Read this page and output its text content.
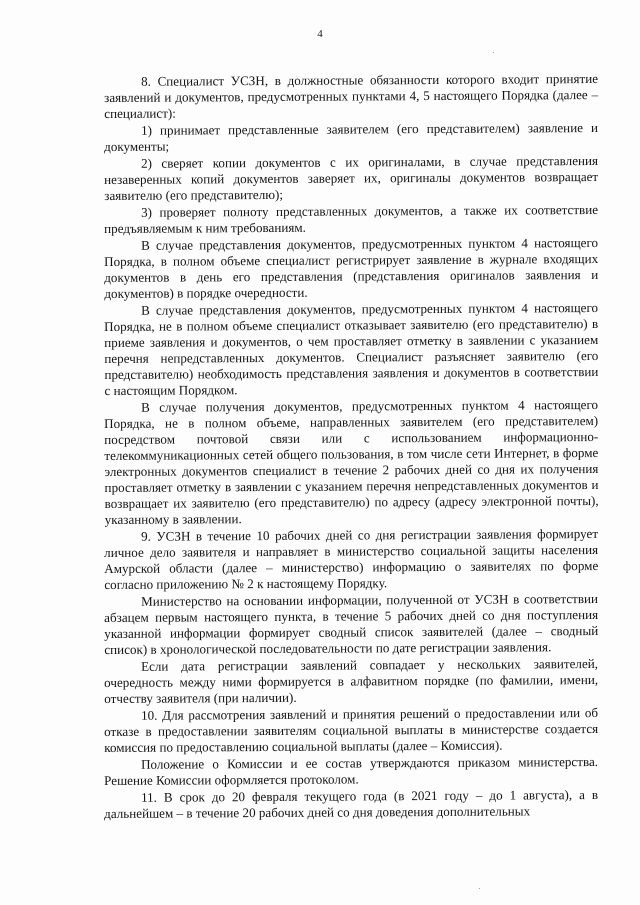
4

8. Специалист УСЗН, в должностные обязанности которого входит принятие заявлений и документов, предусмотренных пунктами 4, 5 настоящего Порядка (далее – специалист):

1) принимает представленные заявителем (его представителем) заявление и документы;

2) сверяет копии документов с их оригиналами, в случае представления незаверенных копий документов заверяет их, оригиналы документов возвращает заявителю (его представителю);

3) проверяет полноту представленных документов, а также их соответствие предъявляемым к ним требованиям.

В случае представления документов, предусмотренных пунктом 4 настоящего Порядка, в полном объеме специалист регистрирует заявление в журнале входящих документов в день его представления (представления оригиналов заявления и документов) в порядке очередности.

В случае представления документов, предусмотренных пунктом 4 настоящего Порядка, не в полном объеме специалист отказывает заявителю (его представителю) в приеме заявления и документов, о чем проставляет отметку в заявлении с указанием перечня непредставленных документов. Специалист разъясняет заявителю (его представителю) необходимость представления заявления и документов в соответствии с настоящим Порядком.

В случае получения документов, предусмотренных пунктом 4 настоящего Порядка, не в полном объеме, направленных заявителем (его представителем) посредством почтовой связи или с использованием информационно-телекоммуникационных сетей общего пользования, в том числе сети Интернет, в форме электронных документов специалист в течение 2 рабочих дней со дня их получения проставляет отметку в заявлении с указанием перечня непредставленных документов и возвращает их заявителю (его представителю) по адресу (адресу электронной почты), указанному в заявлении.

9. УСЗН в течение 10 рабочих дней со дня регистрации заявления формирует личное дело заявителя и направляет в министерство социальной защиты населения Амурской области (далее – министерство) информацию о заявителях по форме согласно приложению № 2 к настоящему Порядку.

Министерство на основании информации, полученной от УСЗН в соответствии абзацем первым настоящего пункта, в течение 5 рабочих дней со дня поступления указанной информации формирует сводный список заявителей (далее – сводный список) в хронологической последовательности по дате регистрации заявления.

Если дата регистрации заявлений совпадает у нескольких заявителей, очередность между ними формируется в алфавитном порядке (по фамилии, имени, отчеству заявителя (при наличии).

10. Для рассмотрения заявлений и принятия решений о предоставлении или об отказе в предоставлении заявителям социальной выплаты в министерстве создается комиссия по предоставлению социальной выплаты (далее – Комиссия).

Положение о Комиссии и ее состав утверждаются приказом министерства. Решение Комиссии оформляется протоколом.

11. В срок до 20 февраля текущего года (в 2021 году – до 1 августа), а в дальнейшем – в течение 20 рабочих дней со дня доведения дополнительных

·
·
